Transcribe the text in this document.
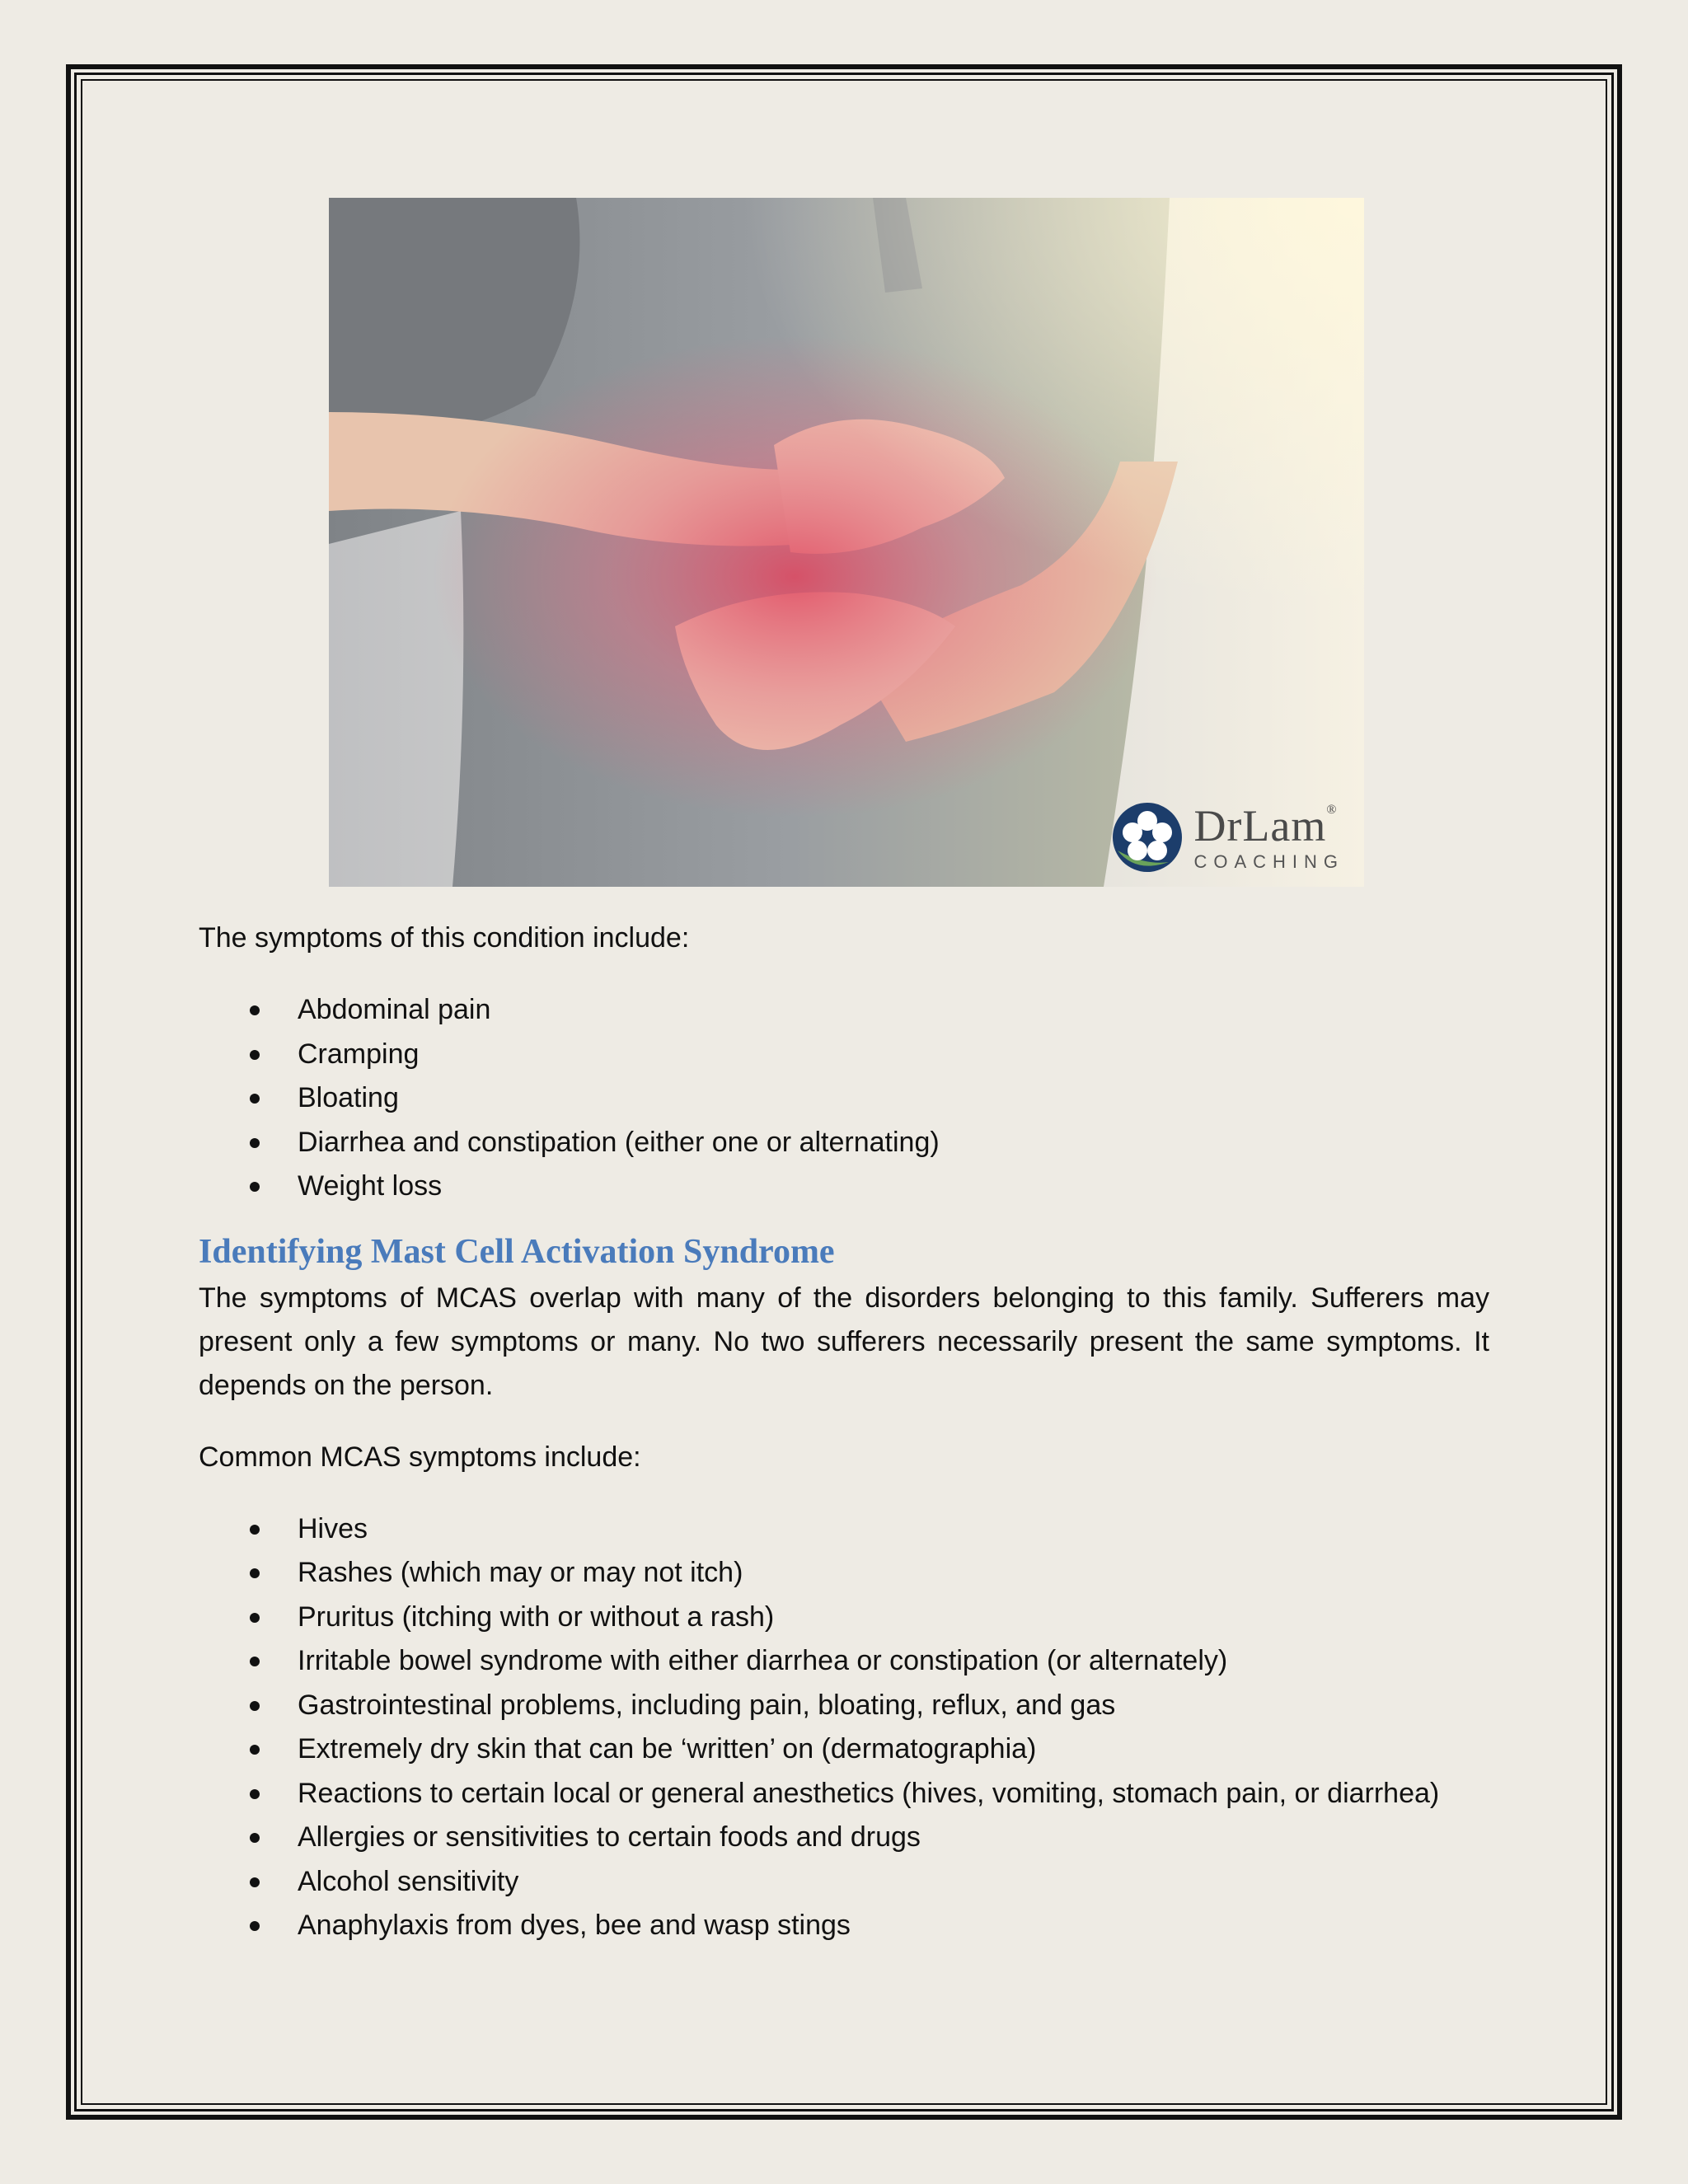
DrLam®
COACHING

The symptoms of this condition include:

Abdominal pain
Cramping
Bloating
Diarrhea and constipation (either one or alternating)
Weight loss
Identifying Mast Cell Activation Syndrome

The symptoms of MCAS overlap with many of the disorders belonging to this family. Sufferers may present only a few symptoms or many. No two sufferers necessarily present the same symptoms. It depends on the person.

Common MCAS symptoms include:

Hives
Rashes (which may or may not itch)
Pruritus (itching with or without a rash)
Irritable bowel syndrome with either diarrhea or constipation (or alternately)
Gastrointestinal problems, including pain, bloating, reflux, and gas
Extremely dry skin that can be ‘written’ on (dermatographia)
Reactions to certain local or general anesthetics (hives, vomiting, stomach pain, or diarrhea)
Allergies or sensitivities to certain foods and drugs
Alcohol sensitivity
Anaphylaxis from dyes, bee and wasp stings
